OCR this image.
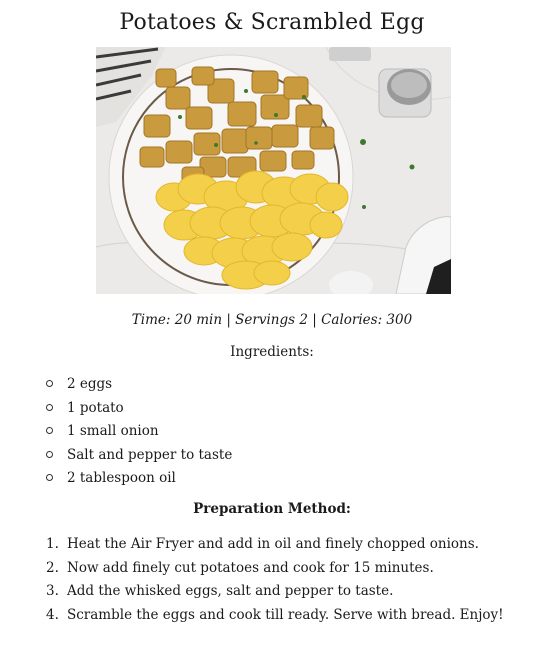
Potatoes & Scrambled Egg
Time: 20 min | Servings 2 | Calories: 300
Ingredients:
2 eggs
1 potato
1 small onion
Salt and pepper to taste
2 tablespoon oil
Preparation Method:
1. Heat the Air Fryer and add in oil and finely chopped onions.
2. Now add finely cut potatoes and cook for 15 minutes.
3. Add the whisked eggs, salt and pepper to taste.
4. Scramble the eggs and cook till ready. Serve with bread. Enjoy!
